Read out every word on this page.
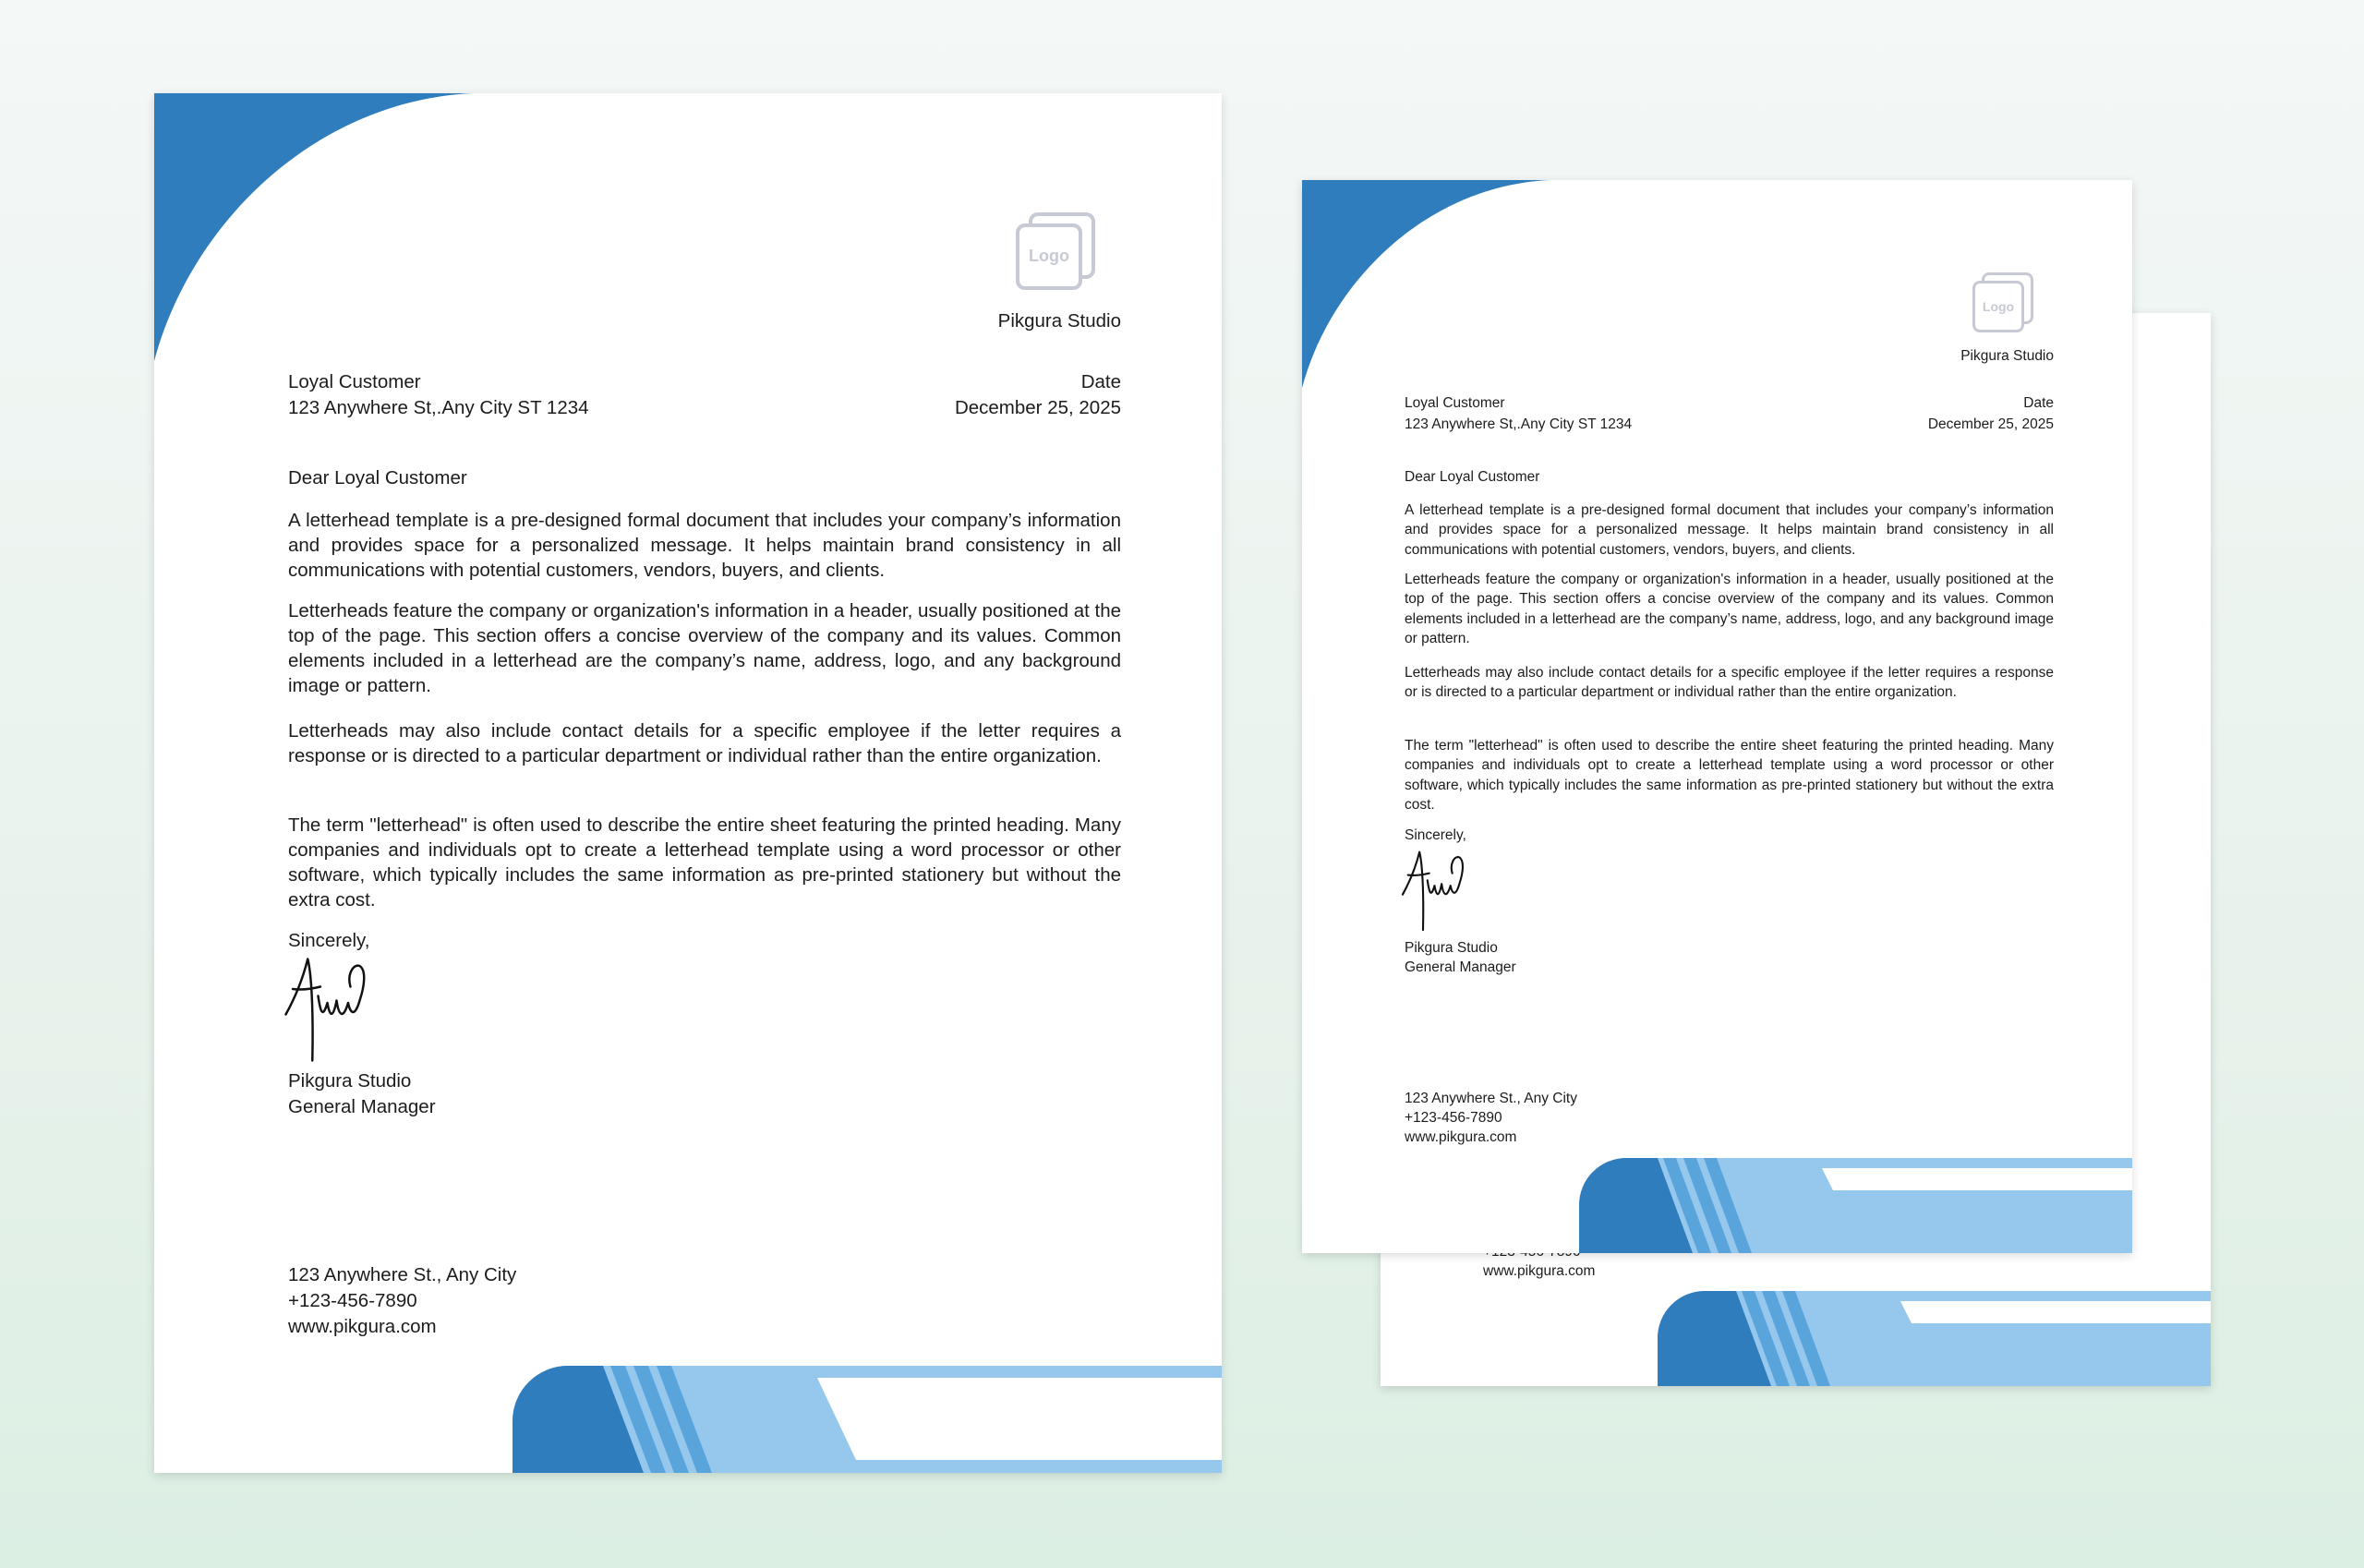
www.pikgura.com

Logo

Pikgura Studio

Loyal Customer

123 Anywhere St,.Any City ST 1234

Date

December 25, 2025

Dear Loyal Customer

A letterhead template is a pre-designed formal document that includes your company’s information and provides space for a personalized message. It helps maintain brand consistency in all communications with potential customers, vendors, buyers, and clients.

Letterheads feature the company or organization's information in a header, usually positioned at the top of the page. This section offers a concise overview of the company and its values. Common elements included in a letterhead are the company’s name, address, logo, and any background image or pattern.

Letterheads may also include contact details for a specific employee if the letter requires a response or is directed to a particular department or individual rather than the entire organization.

The term "letterhead" is often used to describe the entire sheet featuring the printed heading. Many companies and individuals opt to create a letterhead template using a word processor or other software, which typically includes the same information as pre-printed stationery but without the extra cost.

Sincerely,

Pikgura Studio

General Manager

123 Anywhere St., Any City

+123-456-7890

www.pikgura.com

Logo

Pikgura Studio

Loyal Customer

123 Anywhere St,.Any City ST 1234

Date

December 25, 2025

Dear Loyal Customer

A letterhead template is a pre-designed formal document that includes your company’s information and provides space for a personalized message. It helps maintain brand consistency in all communications with potential customers, vendors, buyers, and clients.

Letterheads feature the company or organization's information in a header, usually positioned at the top of the page. This section offers a concise overview of the company and its values. Common elements included in a letterhead are the company’s name, address, logo, and any background image or pattern.

Letterheads may also include contact details for a specific employee if the letter requires a response or is directed to a particular department or individual rather than the entire organization.

The term "letterhead" is often used to describe the entire sheet featuring the printed heading. Many companies and individuals opt to create a letterhead template using a word processor or other software, which typically includes the same information as pre-printed stationery but without the extra cost.

Sincerely,

Pikgura Studio

General Manager

123 Anywhere St., Any City

+123-456-7890

www.pikgura.com
